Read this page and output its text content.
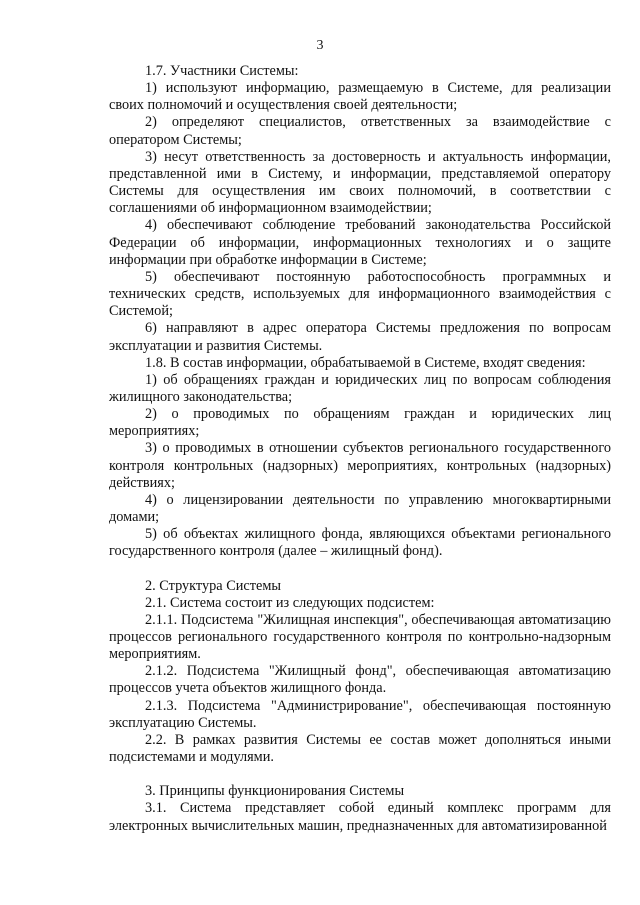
3

1.7. Участники Системы:

1) используют информацию, размещаемую в Системе, для реализации своих полномочий и осуществления своей деятельности;

2) определяют специалистов, ответственных за взаимодействие с оператором Системы;

3) несут ответственность за достоверность и актуальность информации, представленной ими в Систему, и информации, представляемой оператору Системы для осуществления им своих полномочий, в соответствии с соглашениями об информационном взаимодействии;

4) обеспечивают соблюдение требований законодательства Российской Федерации об информации, информационных технологиях и о защите информации при обработке информации в Системе;

5) обеспечивают постоянную работоспособность программных и технических средств, используемых для информационного взаимодействия с Системой;

6) направляют в адрес оператора Системы предложения по вопросам эксплуатации и развития Системы.

1.8. В состав информации, обрабатываемой в Системе, входят сведения:

1) об обращениях граждан и юридических лиц по вопросам соблюдения жилищного законодательства;

2) о проводимых по обращениям граждан и юридических лиц мероприятиях;

3) о проводимых в отношении субъектов регионального государственного контроля контрольных (надзорных) мероприятиях, контрольных (надзорных) действиях;

4) о лицензировании деятельности по управлению многоквартирными домами;

5) об объектах жилищного фонда, являющихся объектами регионального государственного контроля (далее – жилищный фонд).

2. Структура Системы

2.1. Система состоит из следующих подсистем:

2.1.1. Подсистема "Жилищная инспекция", обеспечивающая автоматизацию процессов регионального государственного контроля по контрольно-надзорным мероприятиям.

2.1.2. Подсистема "Жилищный фонд", обеспечивающая автоматизацию процессов учета объектов жилищного фонда.

2.1.3. Подсистема "Администрирование", обеспечивающая постоянную эксплуатацию Системы.

2.2. В рамках развития Системы ее состав может дополняться иными подсистемами и модулями.

3. Принципы функционирования Системы

3.1. Система представляет собой единый комплекс программ для электронных вычислительных машин, предназначенных для автоматизированной
